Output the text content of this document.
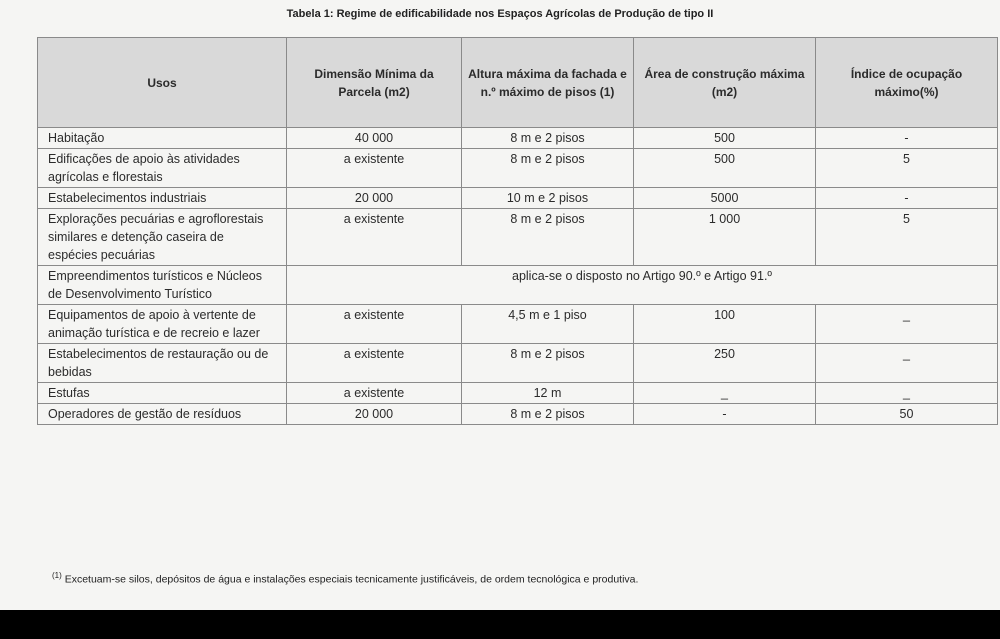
Tabela 1: Regime de edificabilidade nos Espaços Agrícolas de Produção de tipo II
Usos	Dimensão Mínima da Parcela (m2)	Altura máxima da fachada e n.º máximo de pisos (1)	Área de construção máxima (m2)	Índice de ocupação máximo(%)
Habitação	40 000	8 m e 2 pisos	500	-
Edificações de apoio às atividades agrícolas e florestais	a existente	8 m e 2 pisos	500	5
Estabelecimentos industriais	20 000	10 m e 2 pisos	5000	-
Explorações pecuárias e agroflorestais similares e detenção caseira de espécies pecuárias	a existente	8 m e 2 pisos	1 000	5
Empreendimentos turísticos e Núcleos de Desenvolvimento Turístico	aplica-se o disposto no Artigo 90.º e Artigo 91.º			
Equipamentos de apoio à vertente de animação turística e de recreio e lazer	a existente	4,5 m e 1 piso	100	_
Estabelecimentos de restauração ou de bebidas	a existente	8 m e 2 pisos	250	_
Estufas	a existente	12 m	_	_
Operadores de gestão de resíduos	20 000	8 m e 2 pisos	-	50
$^{(1)}$ Excetuam-se silos, depósitos de água e instalações especiais tecnicamente justificáveis, de ordem tecnológica e produtiva.
